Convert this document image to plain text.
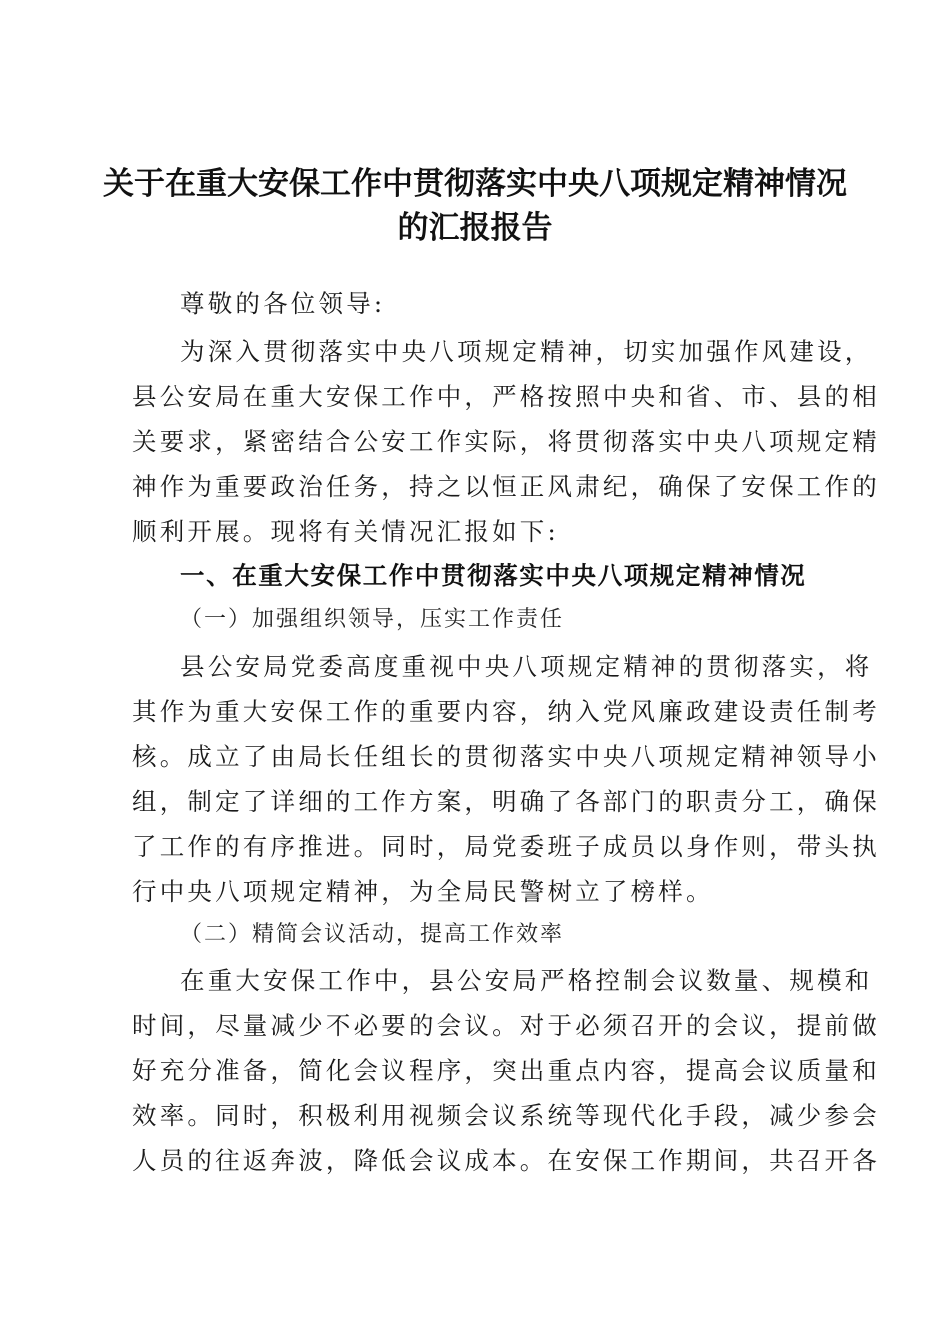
关于在重大安保工作中贯彻落实中央八项规定精神情况
的汇报报告

尊敬的各位领导:

为深入贯彻落实中央八项规定精神，切实加强作风建设，

县公安局在重大安保工作中，严格按照中央和省、市、县的相

关要求，紧密结合公安工作实际，将贯彻落实中央八项规定精

神作为重要政治任务，持之以恒正风肃纪，确保了安保工作的

顺利开展。现将有关情况汇报如下:

一、在重大安保工作中贯彻落实中央八项规定精神情况

（一）加强组织领导，压实工作责任

县公安局党委高度重视中央八项规定精神的贯彻落实，将

其作为重大安保工作的重要内容，纳入党风廉政建设责任制考

核。成立了由局长任组长的贯彻落实中央八项规定精神领导小

组，制定了详细的工作方案，明确了各部门的职责分工，确保

了工作的有序推进。同时，局党委班子成员以身作则，带头执

行中央八项规定精神，为全局民警树立了榜样。

（二）精简会议活动，提高工作效率

在重大安保工作中，县公安局严格控制会议数量、规模和

时间，尽量减少不必要的会议。对于必须召开的会议，提前做

好充分准备，简化会议程序，突出重点内容，提高会议质量和

效率。同时，积极利用视频会议系统等现代化手段，减少参会

人员的往返奔波，降低会议成本。在安保工作期间，共召开各
